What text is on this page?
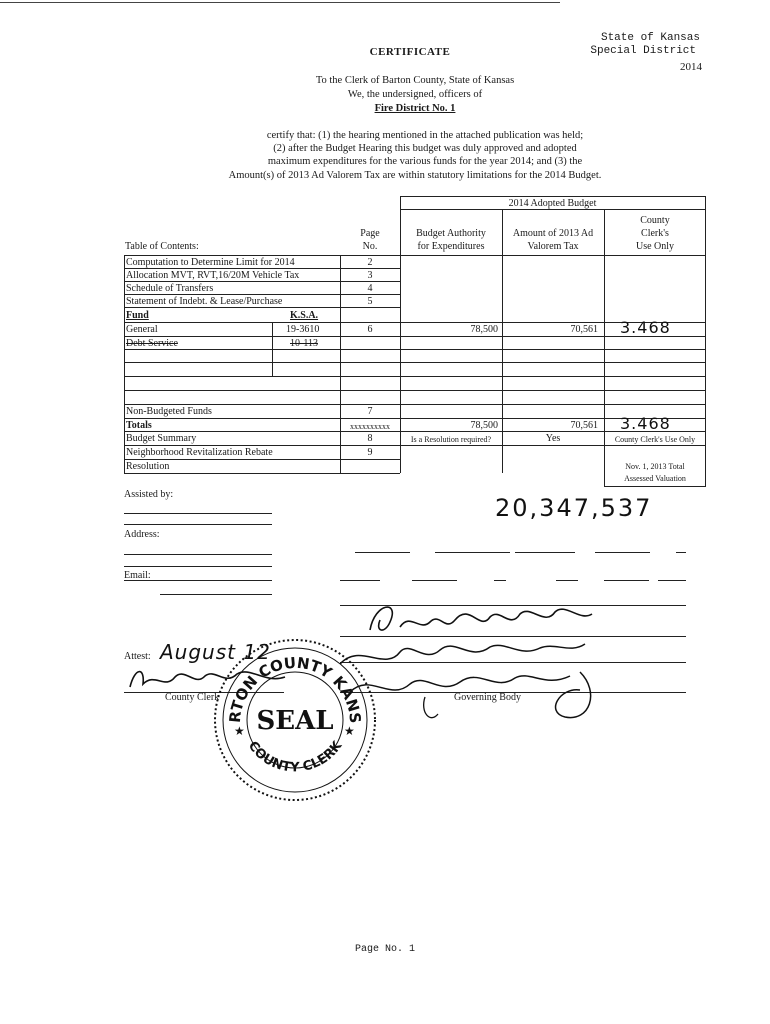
State of Kansas
Special District
2014
CERTIFICATE
To the Clerk of Barton County, State of Kansas
We, the undersigned, officers of
Fire District No. 1
certify that: (1) the hearing mentioned in the attached publication was held;
(2) after the Budget Hearing this budget was duly approved and adopted
maximum expenditures for the various funds for the year 2014; and (3) the
Amount(s) of 2013 Ad Valorem Tax are within statutory limitations for the 2014 Budget.
2014 Adopted Budget
Table of Contents:
Page
No.
Budget Authority
for Expenditures
Amount of 2013 Ad
Valorem Tax
County
Clerk's
Use Only
Computation to Determine Limit for 2014	2
Allocation MVT, RVT,16/20M Vehicle Tax	3
Schedule of Transfers	4
Statement of Indebt. & Lease/Purchase	5
Fund	K.S.A.
General	19-3610	6	78,500	70,561 3.468
Debt Service	10-113
Non-Budgeted Funds	7
Totals	xxxxxxxxxx	78,500	70,561 3.468
Budget Summary	8	Is a Resolution required?	Yes	County Clerk's Use Only
Neighborhood Revitalization Rebate	9
Resolution	Nov. 1, 2013 Total
Assessed Valuation
Assisted by:
Address:
Email:
20,347,537
Governing Body
Attest: August 12
County Clerk
RTON COUNTY KANS
COUNTY CLERK
SEAL
★	★
Page No. 1
